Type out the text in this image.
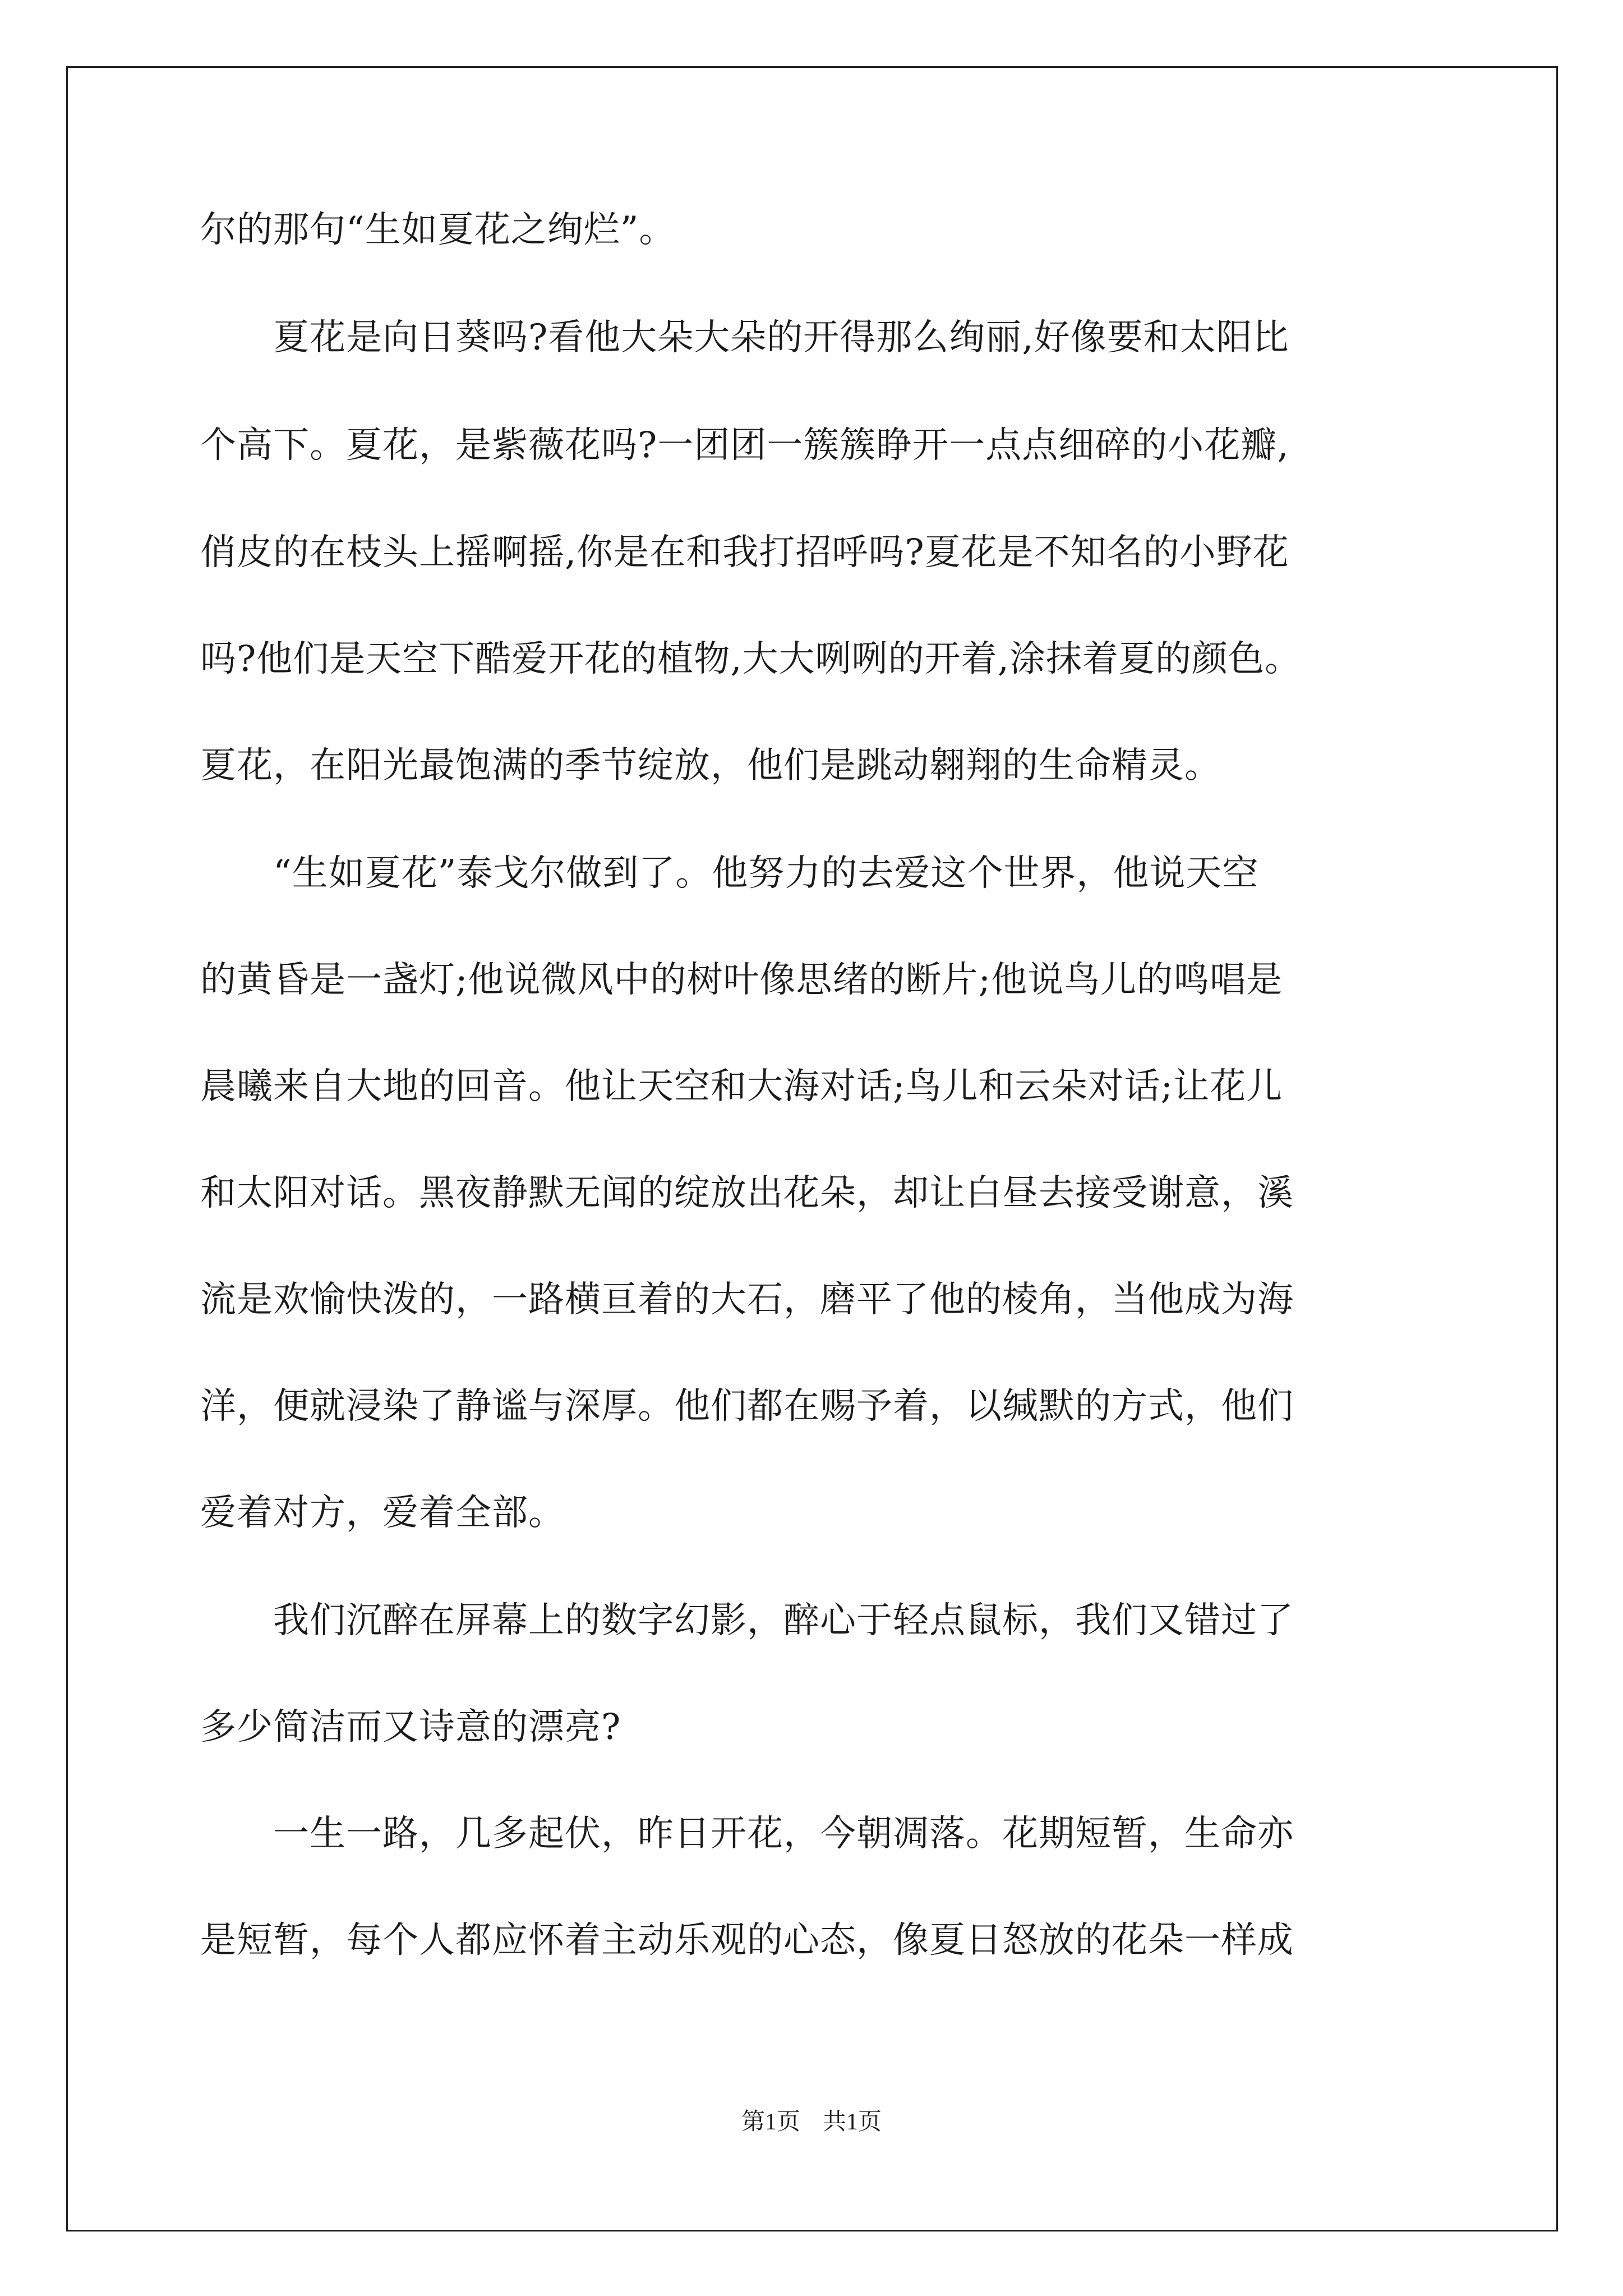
尔的那句“生如夏花之绚烂”。
　　夏花是向日葵吗?看他大朵大朵的开得那么绚丽,好像要和太阳比
个高下。夏花，是紫薇花吗?一团团一簇簇睁开一点点细碎的小花瓣,
俏皮的在枝头上摇啊摇,你是在和我打招呼吗?夏花是不知名的小野花
吗?他们是天空下酷爱开花的植物,大大咧咧的开着,涂抹着夏的颜色。
夏花，在阳光最饱满的季节绽放，他们是跳动翱翔的生命精灵。
　　“生如夏花”泰戈尔做到了。他努力的去爱这个世界，他说天空
的黄昏是一盏灯;他说微风中的树叶像思绪的断片;他说鸟儿的鸣唱是
晨曦来自大地的回音。他让天空和大海对话;鸟儿和云朵对话;让花儿
和太阳对话。黑夜静默无闻的绽放出花朵，却让白昼去接受谢意，溪
流是欢愉快泼的，一路横亘着的大石，磨平了他的棱角，当他成为海
洋，便就浸染了静谧与深厚。他们都在赐予着，以缄默的方式，他们
爱着对方，爱着全部。
　　我们沉醉在屏幕上的数字幻影，醉心于轻点鼠标，我们又错过了
多少简洁而又诗意的漂亮?
　　一生一路，几多起伏，昨日开花，今朝凋落。花期短暂，生命亦
是短暂，每个人都应怀着主动乐观的心态，像夏日怒放的花朵一样成
第1页 共1页
